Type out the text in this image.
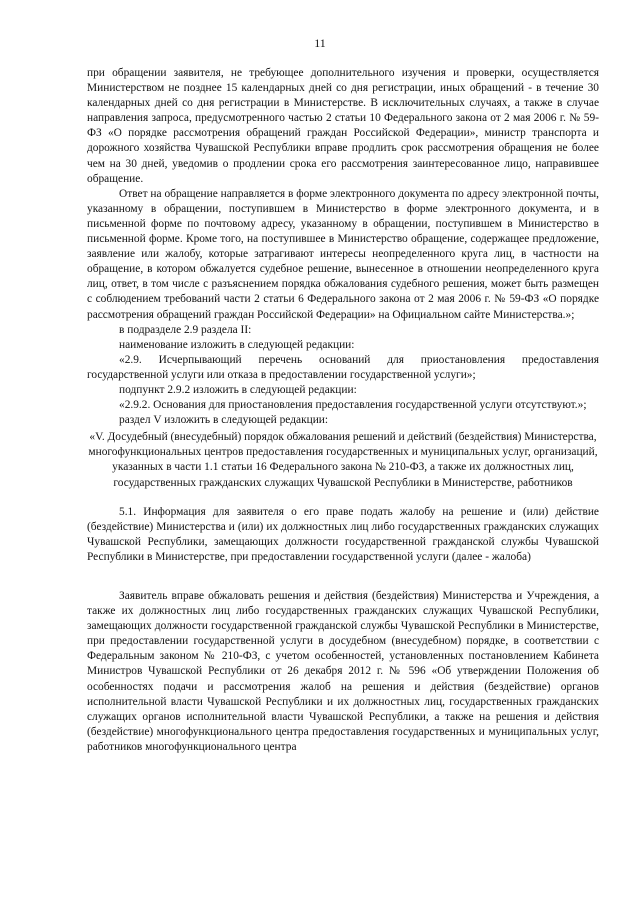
11

при обращении заявителя, не требующее дополнительного изучения и проверки, осуществляется Министерством не позднее 15 календарных дней со дня регистрации, иных обращений - в течение 30 календарных дней со дня регистрации в Министерстве. В исключительных случаях, а также в случае направления запроса, предусмотренного частью 2 статьи 10 Федерального закона от 2 мая 2006 г. № 59-ФЗ «О порядке рассмотрения обращений граждан Российской Федерации», министр транспорта и дорожного хозяйства Чувашской Республики вправе продлить срок рассмотрения обращения не более чем на 30 дней, уведомив о продлении срока его рассмотрения заинтересованное лицо, направившее обращение.

Ответ на обращение направляется в форме электронного документа по адресу электронной почты, указанному в обращении, поступившем в Министерство в форме электронного документа, и в письменной форме по почтовому адресу, указанному в обращении, поступившем в Министерство в письменной форме. Кроме того, на поступившее в Министерство обращение, содержащее предложение, заявление или жалобу, которые затрагивают интересы неопределенного круга лиц, в частности на обращение, в котором обжалуется судебное решение, вынесенное в отношении неопределенного круга лиц, ответ, в том числе с разъяснением порядка обжалования судебного решения, может быть размещен с соблюдением требований части 2 статьи 6 Федерального закона от 2 мая 2006 г. № 59-ФЗ «О порядке рассмотрения обращений граждан Российской Федерации» на Официальном сайте Министерства.»;

в подразделе 2.9 раздела II:

наименование изложить в следующей редакции:

«2.9. Исчерпывающий перечень оснований для приостановления предоставления государственной услуги или отказа в предоставлении государственной услуги»;

подпункт 2.9.2 изложить в следующей редакции:

«2.9.2. Основания для приостановления предоставления государственной услуги отсутствуют.»;

раздел V изложить в следующей редакции:

«V. Досудебный (внесудебный) порядок обжалования решений и действий (бездействия) Министерства, многофункциональных центров предоставления государственных и муниципальных услуг, организаций, указанных в части 1.1 статьи 16 Федерального закона № 210-ФЗ, а также их должностных лиц, государственных гражданских служащих Чувашской Республики в Министерстве, работников

5.1. Информация для заявителя о его праве подать жалобу на решение и (или) действие (бездействие) Министерства и (или) их должностных лиц либо государственных гражданских служащих Чувашской Республики, замещающих должности государственной гражданской службы Чувашской Республики в Министерстве, при предоставлении государственной услуги (далее - жалоба)

Заявитель вправе обжаловать решения и действия (бездействия) Министерства и Учреждения, а также их должностных лиц либо государственных гражданских служащих Чувашской Республики, замещающих должности государственной гражданской службы Чувашской Республики в Министерстве, при предоставлении государственной услуги в досудебном (внесудебном) порядке, в соответствии с Федеральным законом № 210-ФЗ, с учетом особенностей, установленных постановлением Кабинета Министров Чувашской Республики от 26 декабря 2012 г. № 596 «Об утверждении Положения об особенностях подачи и рассмотрения жалоб на решения и действия (бездействие) органов исполнительной власти Чувашской Республики и их должностных лиц, государственных гражданских служащих органов исполнительной власти Чувашской Республики, а также на решения и действия (бездействие) многофункционального центра предоставления государственных и муниципальных услуг, работников многофункционального центра
